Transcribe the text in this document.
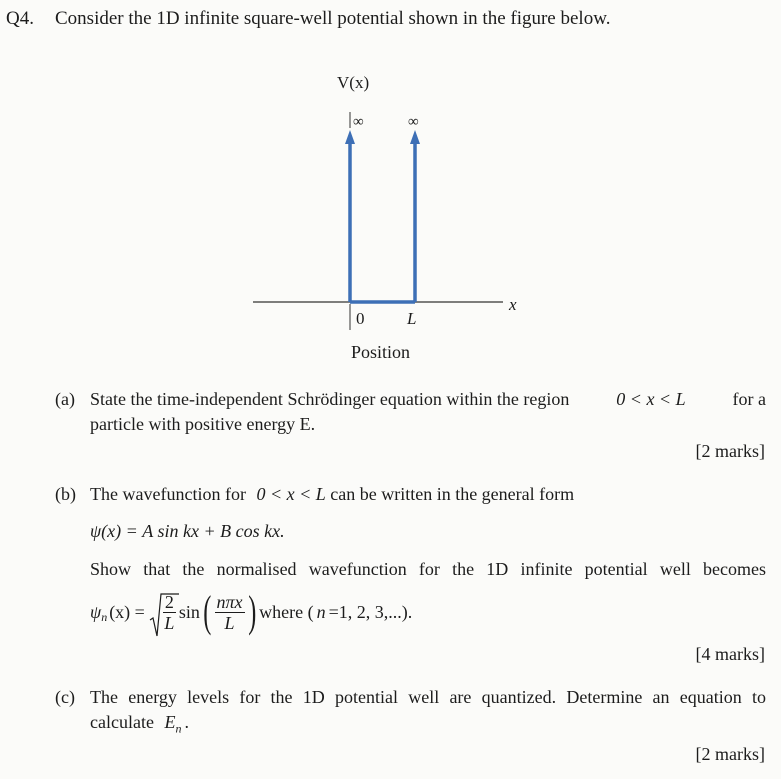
Q4. Consider the 1D infinite square-well potential shown in the figure below.
V(x)
x
∞	∞
0	L
Position
(a) State the time-independent Schrödinger equation within the region	0 < x < L	for a
particle with positive energy E.
[2 marks]
(b) The wavefunction for 0 < x < L can be written in the general form
ψ(x) = A sin kx + B cos kx.
Show that the normalised wavefunction for the 1D infinite potential well becomes
$\psi_n$ $(x) = \frac{2}{L}$ sin ( $\frac{\text{nπx}}{L}$ ) where ( n =1, 2, 3,...).
[4 marks]
(c) The energy levels for the 1D potential well are quantized. Determine an equation to
calculate $E_n$ .
[2 marks]
